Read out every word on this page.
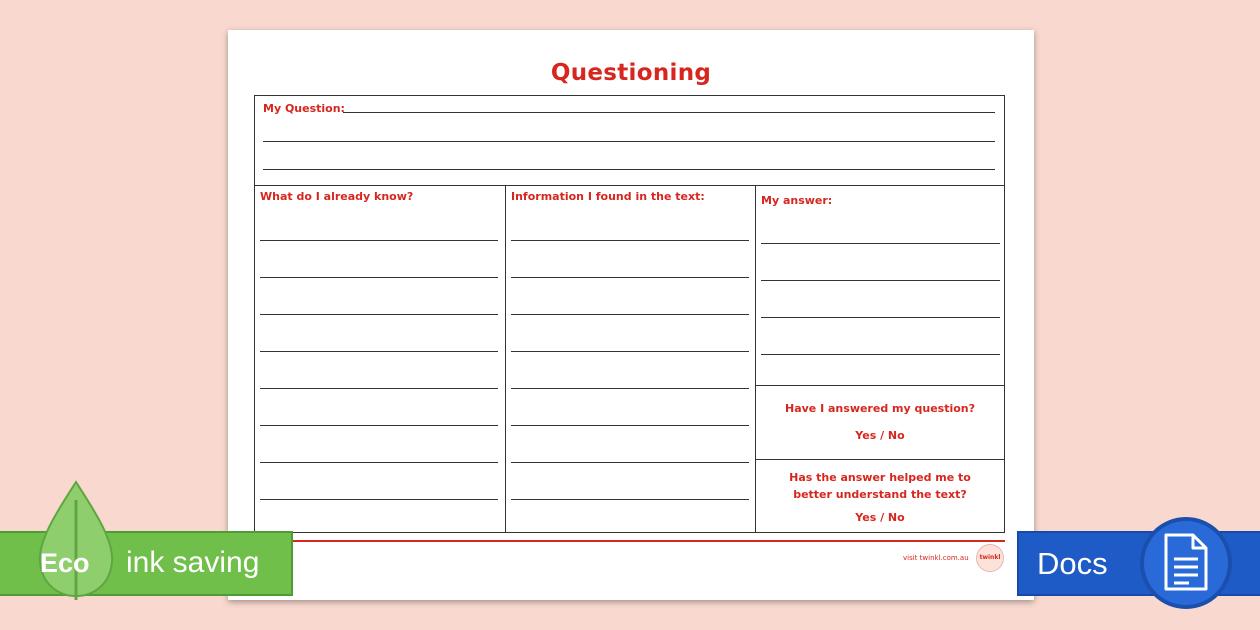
Questioning
My Question:
What do I already know?	Information I found in the text:	My answer:
Have I answered my question?
Yes / No
Has the answer helped me to better understand the text?
Yes / No
visit twinkl.com.au	twinkl
Eco ink saving	Docs
